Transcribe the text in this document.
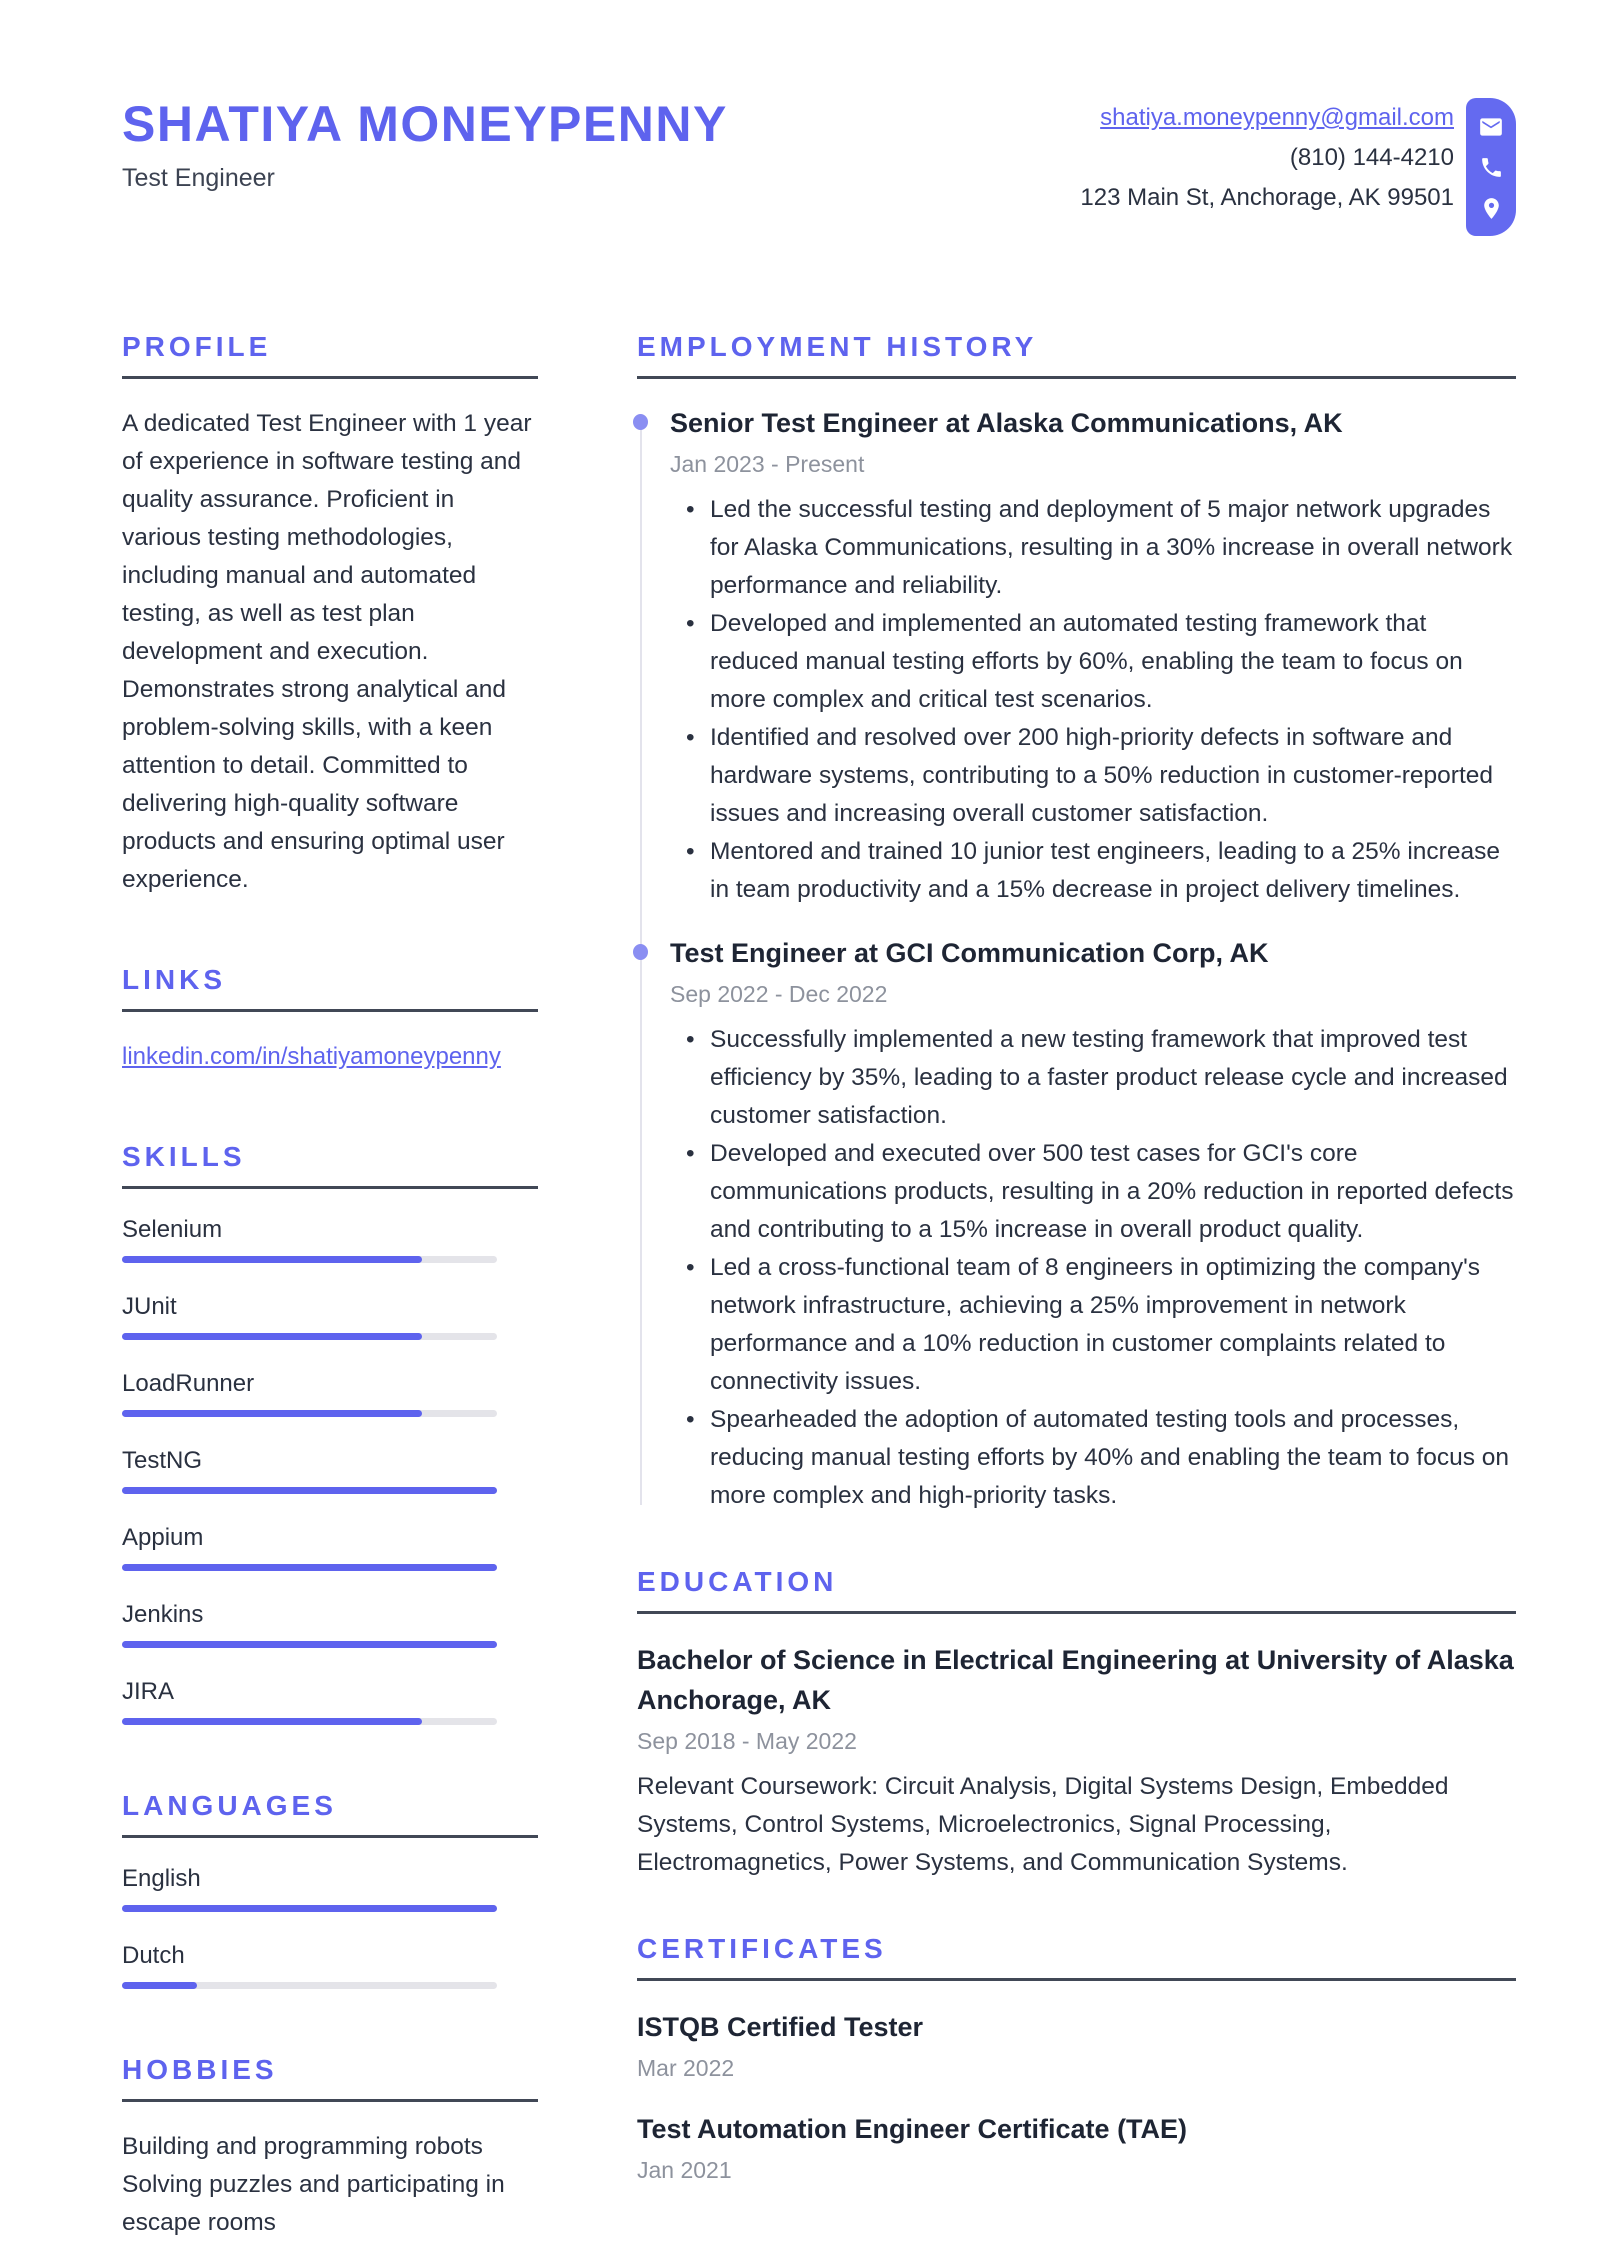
SHATIYA MONEYPENNY
Test Engineer
shatiya.moneypenny@gmail.com
(810) 144-4210
123 Main St, Anchorage, AK 99501
PROFILE

A dedicated Test Engineer with 1 year of experience in software testing and quality assurance. Proficient in various testing methodologies, including manual and automated testing, as well as test plan development and execution. Demonstrates strong analytical and problem-solving skills, with a keen attention to detail. Committed to delivering high-quality software products and ensuring optimal user experience.

LINKS
linkedin.com/in/shatiyamoneypenny
SKILLS
Selenium
JUnit
LoadRunner
TestNG
Appium
Jenkins
JIRA
LANGUAGES
English
Dutch
HOBBIES

Building and programming robots

Solving puzzles and participating in escape rooms

EMPLOYMENT HISTORY
Senior Test Engineer at Alaska Communications, AK
Jan 2023 - Present
• Led the successful testing and deployment of 5 major network upgrades for Alaska Communications, resulting in a 30% increase in overall network performance and reliability.
• Developed and implemented an automated testing framework that reduced manual testing efforts by 60%, enabling the team to focus on more complex and critical test scenarios.
• Identified and resolved over 200 high-priority defects in software and hardware systems, contributing to a 50% reduction in customer-reported issues and increasing overall customer satisfaction.
• Mentored and trained 10 junior test engineers, leading to a 25% increase in team productivity and a 15% decrease in project delivery timelines.
Test Engineer at GCI Communication Corp, AK
Sep 2022 - Dec 2022
• Successfully implemented a new testing framework that improved test efficiency by 35%, leading to a faster product release cycle and increased customer satisfaction.
• Developed and executed over 500 test cases for GCI's core communications products, resulting in a 20% reduction in reported defects and contributing to a 15% increase in overall product quality.
• Led a cross-functional team of 8 engineers in optimizing the company's network infrastructure, achieving a 25% improvement in network performance and a 10% reduction in customer complaints related to connectivity issues.
• Spearheaded the adoption of automated testing tools and processes, reducing manual testing efforts by 40% and enabling the team to focus on more complex and high-priority tasks.
EDUCATION
Bachelor of Science in Electrical Engineering at University of Alaska Anchorage, AK
Sep 2018 - May 2022

Relevant Coursework: Circuit Analysis, Digital Systems Design, Embedded Systems, Control Systems, Microelectronics, Signal Processing, Electromagnetics, Power Systems, and Communication Systems.

CERTIFICATES
ISTQB Certified Tester
Mar 2022
Test Automation Engineer Certificate (TAE)
Jan 2021
